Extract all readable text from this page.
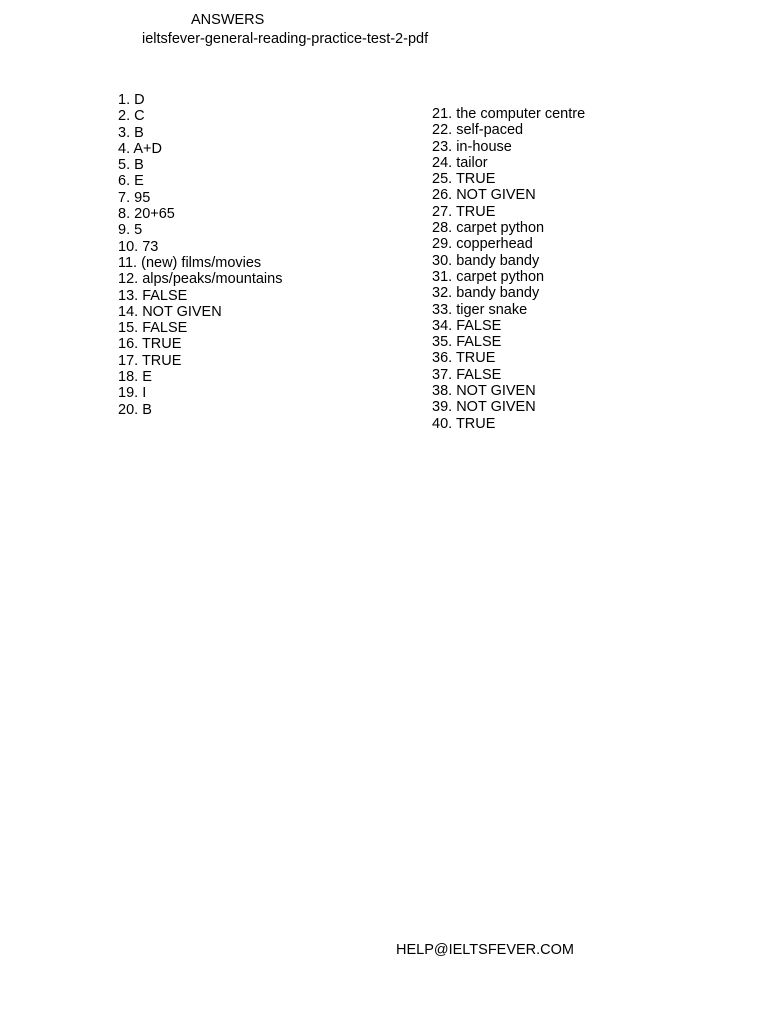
ANSWERS
ieltsfever-general-reading-practice-test-2-pdf
1. D
2. C
3. B
4. A+D
5. B
6. E
7. 95
8. 20+65
9. 5
10. 73
11. (new) films/movies
12. alps/peaks/mountains
13. FALSE
14. NOT GIVEN
15. FALSE
16. TRUE
17. TRUE
18. E
19. I
20. B
21. the computer centre
22. self-paced
23. in-house
24. tailor
25. TRUE
26. NOT GIVEN
27. TRUE
28. carpet python
29. copperhead
30. bandy bandy
31. carpet python
32. bandy bandy
33. tiger snake
34. FALSE
35. FALSE
36. TRUE
37. FALSE
38. NOT GIVEN
39. NOT GIVEN
40. TRUE
HELP@IELTSFEVER.COM
